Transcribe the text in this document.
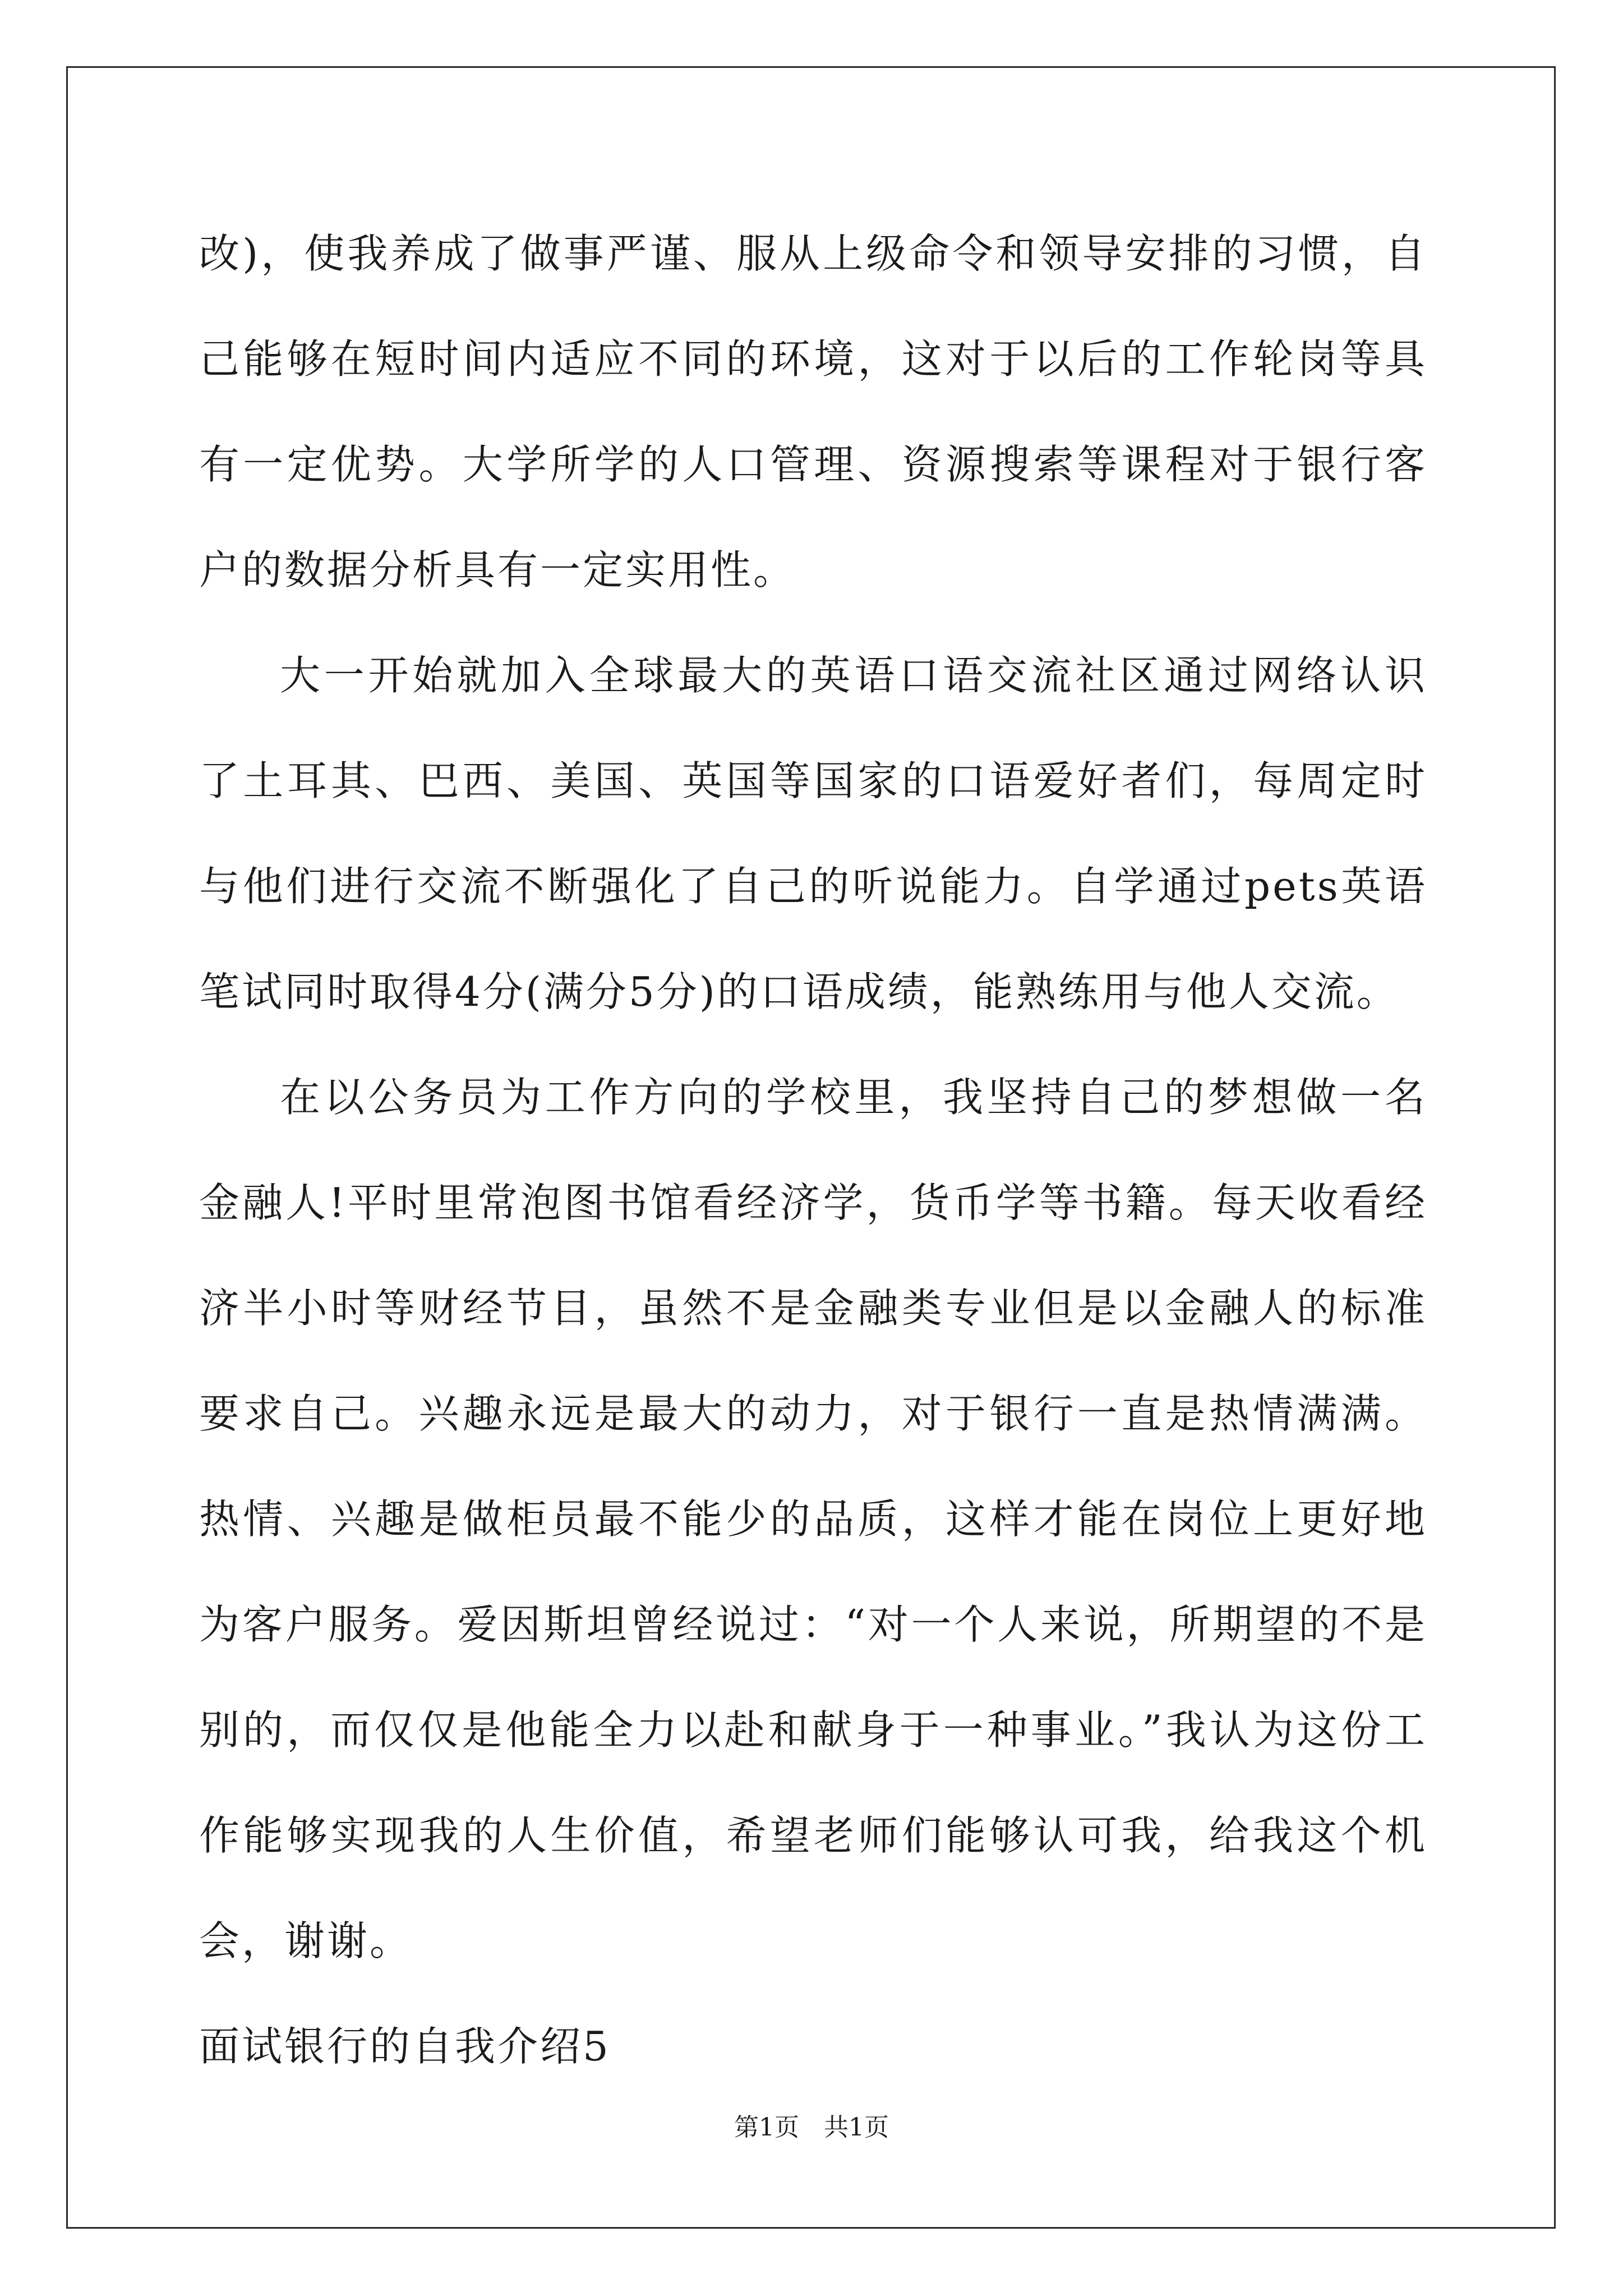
改)，使我养成了做事严谨、服从上级命令和领导安排的习惯，自己能够在短时间内适应不同的环境，这对于以后的工作轮岗等具有一定优势。大学所学的人口管理、资源搜索等课程对于银行客户的数据分析具有一定实用性。

大一开始就加入全球最大的英语口语交流社区通过网络认识了土耳其、巴西、美国、英国等国家的口语爱好者们，每周定时与他们进行交流不断强化了自己的听说能力。自学通过pets英语笔试同时取得4分(满分5分)的口语成绩，能熟练用与他人交流。

在以公务员为工作方向的学校里，我坚持自己的梦想做一名金融人!平时里常泡图书馆看经济学，货币学等书籍。每天收看经济半小时等财经节目，虽然不是金融类专业但是以金融人的标准要求自己。兴趣永远是最大的动力，对于银行一直是热情满满。热情、兴趣是做柜员最不能少的品质，这样才能在岗位上更好地为客户服务。爱因斯坦曾经说过：“对一个人来说，所期望的不是别的，而仅仅是他能全力以赴和献身于一种事业。”我认为这份工作能够实现我的人生价值，希望老师们能够认可我，给我这个机会，谢谢。

面试银行的自我介绍5

第1页　共1页
